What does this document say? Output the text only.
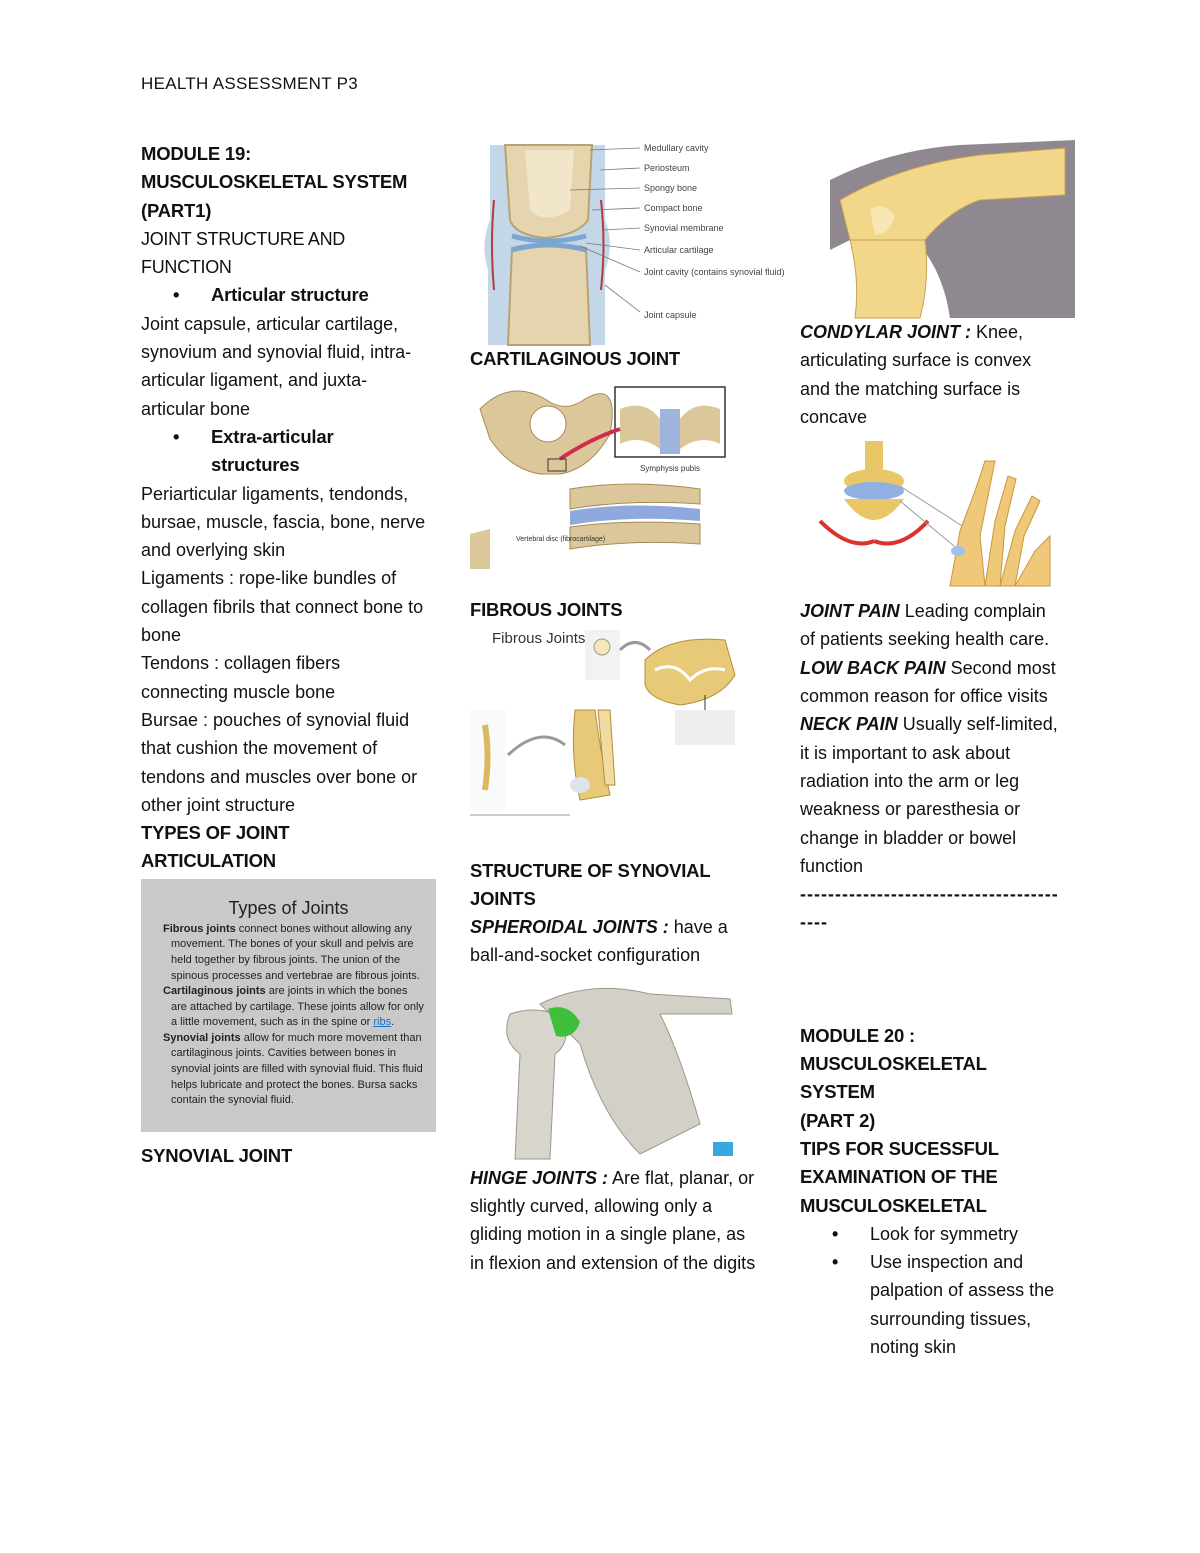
HEALTH ASSESSMENT P3
MODULE 19:
MUSCULOSKELETAL SYSTEM
(PART1)
JOINT STRUCTURE AND FUNCTION
• Articular structure
Joint capsule, articular cartilage, synovium and synovial fluid, intra-articular ligament, and juxta-articular bone
• Extra-articular structures
Periarticular ligaments, tendonds, bursae, muscle, fascia, bone, nerve and overlying skin
Ligaments : rope-like bundles of collagen fibrils that connect bone to bone
Tendons : collagen fibers connecting muscle bone
Bursae : pouches of synovial fluid that cushion the movement of tendons and muscles over bone or other joint structure
TYPES OF JOINT ARTICULATION
Types of Joints
Fibrous joints connect bones without allowing any movement. The bones of your skull and pelvis are held together by fibrous joints. The union of the spinous processes and vertebrae are fibrous joints.
Cartilaginous joints are joints in which the bones are attached by cartilage. These joints allow for only a little movement, such as in the spine or ribs.
Synovial joints allow for much more movement than cartilaginous joints. Cavities between bones in synovial joints are filled with synovial fluid. This fluid helps lubricate and protect the bones. Bursa sacks contain the synovial fluid.
SYNOVIAL JOINT
Medullary cavity
Periosteum
Spongy bone
Compact bone
Synovial membrane
Articular cartilage
Joint cavity (contains synovial fluid)
Joint capsule
CARTILAGINOUS JOINT
Symphysis pubis
Vertebral disc (fibrocartilage)
FIBROUS JOINTS
Fibrous Joints
STRUCTURE OF SYNOVIAL JOINTS
SPHEROIDAL JOINTS : have a ball-and-socket configuration
HINGE JOINTS : Are flat, planar, or slightly curved, allowing only a gliding motion in a single plane, as in flexion and extension of the digits
CONDYLAR JOINT : Knee, articulating surface is convex and the matching surface is concave
JOINT PAIN Leading complain of patients seeking health care.
LOW BACK PAIN Second most common reason for office visits
NECK PAIN Usually self-limited, it is important to ask about radiation into the arm or leg weakness or paresthesia or change in bladder or bowel function
-----------------------------------------
MODULE 20 :
MUSCULOSKELETAL SYSTEM
(PART 2)
TIPS FOR SUCESSFUL EXAMINATION OF THE MUSCULOSKELETAL
• Look for symmetry
• Use inspection and palpation of assess the surrounding tissues, noting skin
